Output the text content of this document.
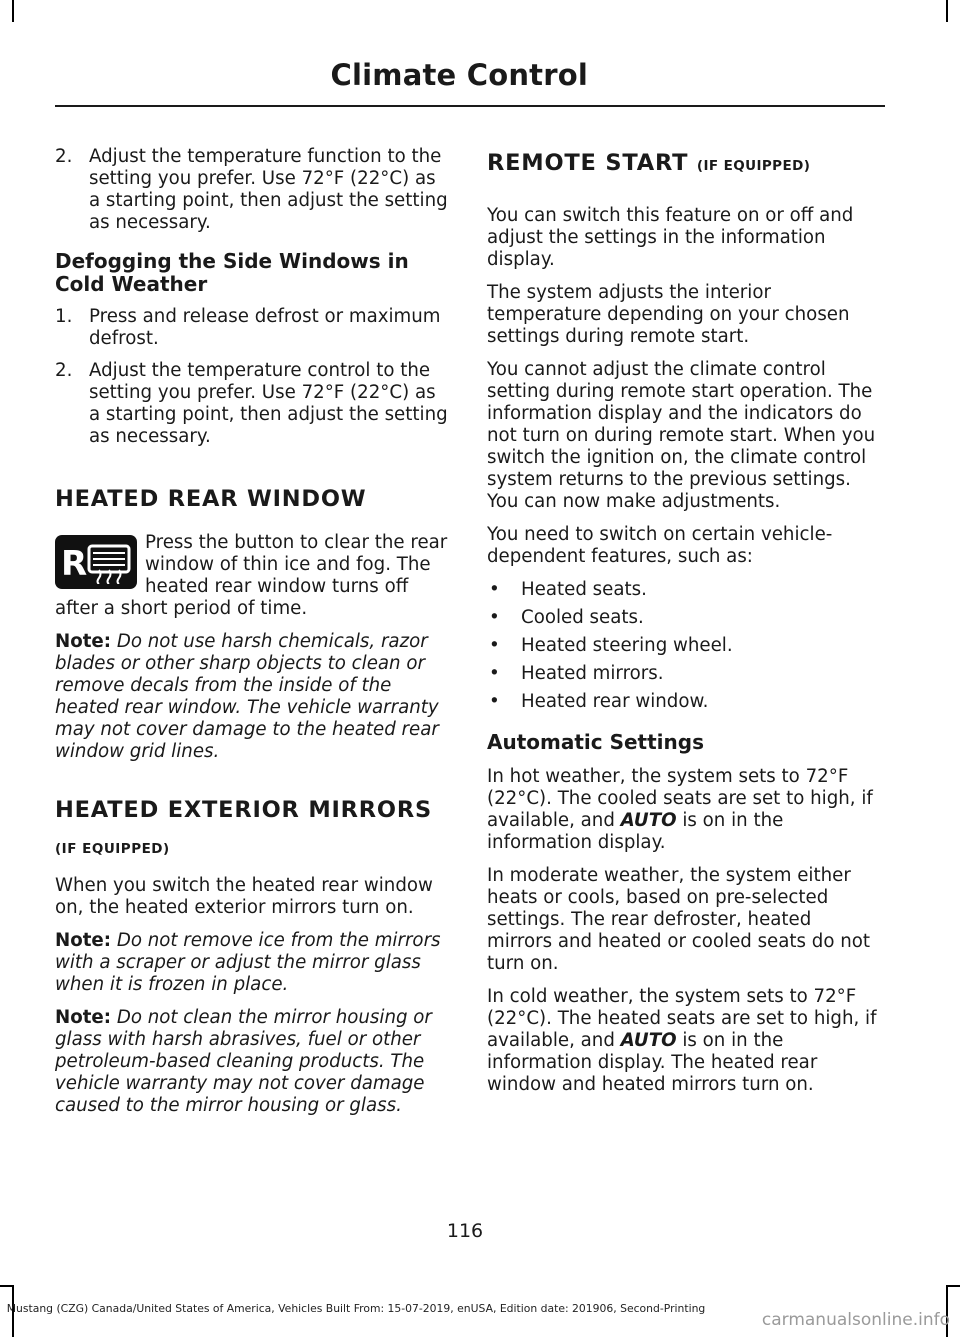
Climate Control
2. Adjust the temperature function to the setting you prefer. Use 72°F (22°C) as a starting point, then adjust the setting as necessary.
Defogging the Side Windows in Cold Weather
1. Press and release defrost or maximum defrost.
2. Adjust the temperature control to the setting you prefer. Use 72°F (22°C) as a starting point, then adjust the setting as necessary.
HEATED REAR WINDOW

R
Press the button to clear the rear window of thin ice and fog. The heated rear window turns off after a short period of time.

Note: Do not use harsh chemicals, razor blades or other sharp objects to clean or remove decals from the inside of the heated rear window. The vehicle warranty may not cover damage to the heated rear window grid lines.

HEATED EXTERIOR MIRRORS
(IF EQUIPPED)

When you switch the heated rear window on, the heated exterior mirrors turn on.

Note: Do not remove ice from the mirrors with a scraper or adjust the mirror glass when it is frozen in place.

Note: Do not clean the mirror housing or glass with harsh abrasives, fuel or other petroleum-based cleaning products. The vehicle warranty may not cover damage caused to the mirror housing or glass.

REMOTE START (IF EQUIPPED)

You can switch this feature on or off and adjust the settings in the information display.

The system adjusts the interior temperature depending on your chosen settings during remote start.

You cannot adjust the climate control setting during remote start operation. The information display and the indicators do not turn on during remote start. When you switch the ignition on, the climate control system returns to the previous settings. You can now make adjustments.

You need to switch on certain vehicle-dependent features, such as:

• Heated seats.
• Cooled seats.
• Heated steering wheel.
• Heated mirrors.
• Heated rear window.
Automatic Settings

In hot weather, the system sets to 72°F (22°C). The cooled seats are set to high, if available, and AUTO is on in the information display.

In moderate weather, the system either heats or cools, based on pre-selected settings. The rear defroster, heated mirrors and heated or cooled seats do not turn on.

In cold weather, the system sets to 72°F (22°C). The heated seats are set to high, if available, and AUTO is on in the information display. The heated rear window and heated mirrors turn on.

116
Mustang (CZG) Canada/United States of America, Vehicles Built From: 15-07-2019, enUSA, Edition date: 201906, Second-Printing
carmanualsonline.info
